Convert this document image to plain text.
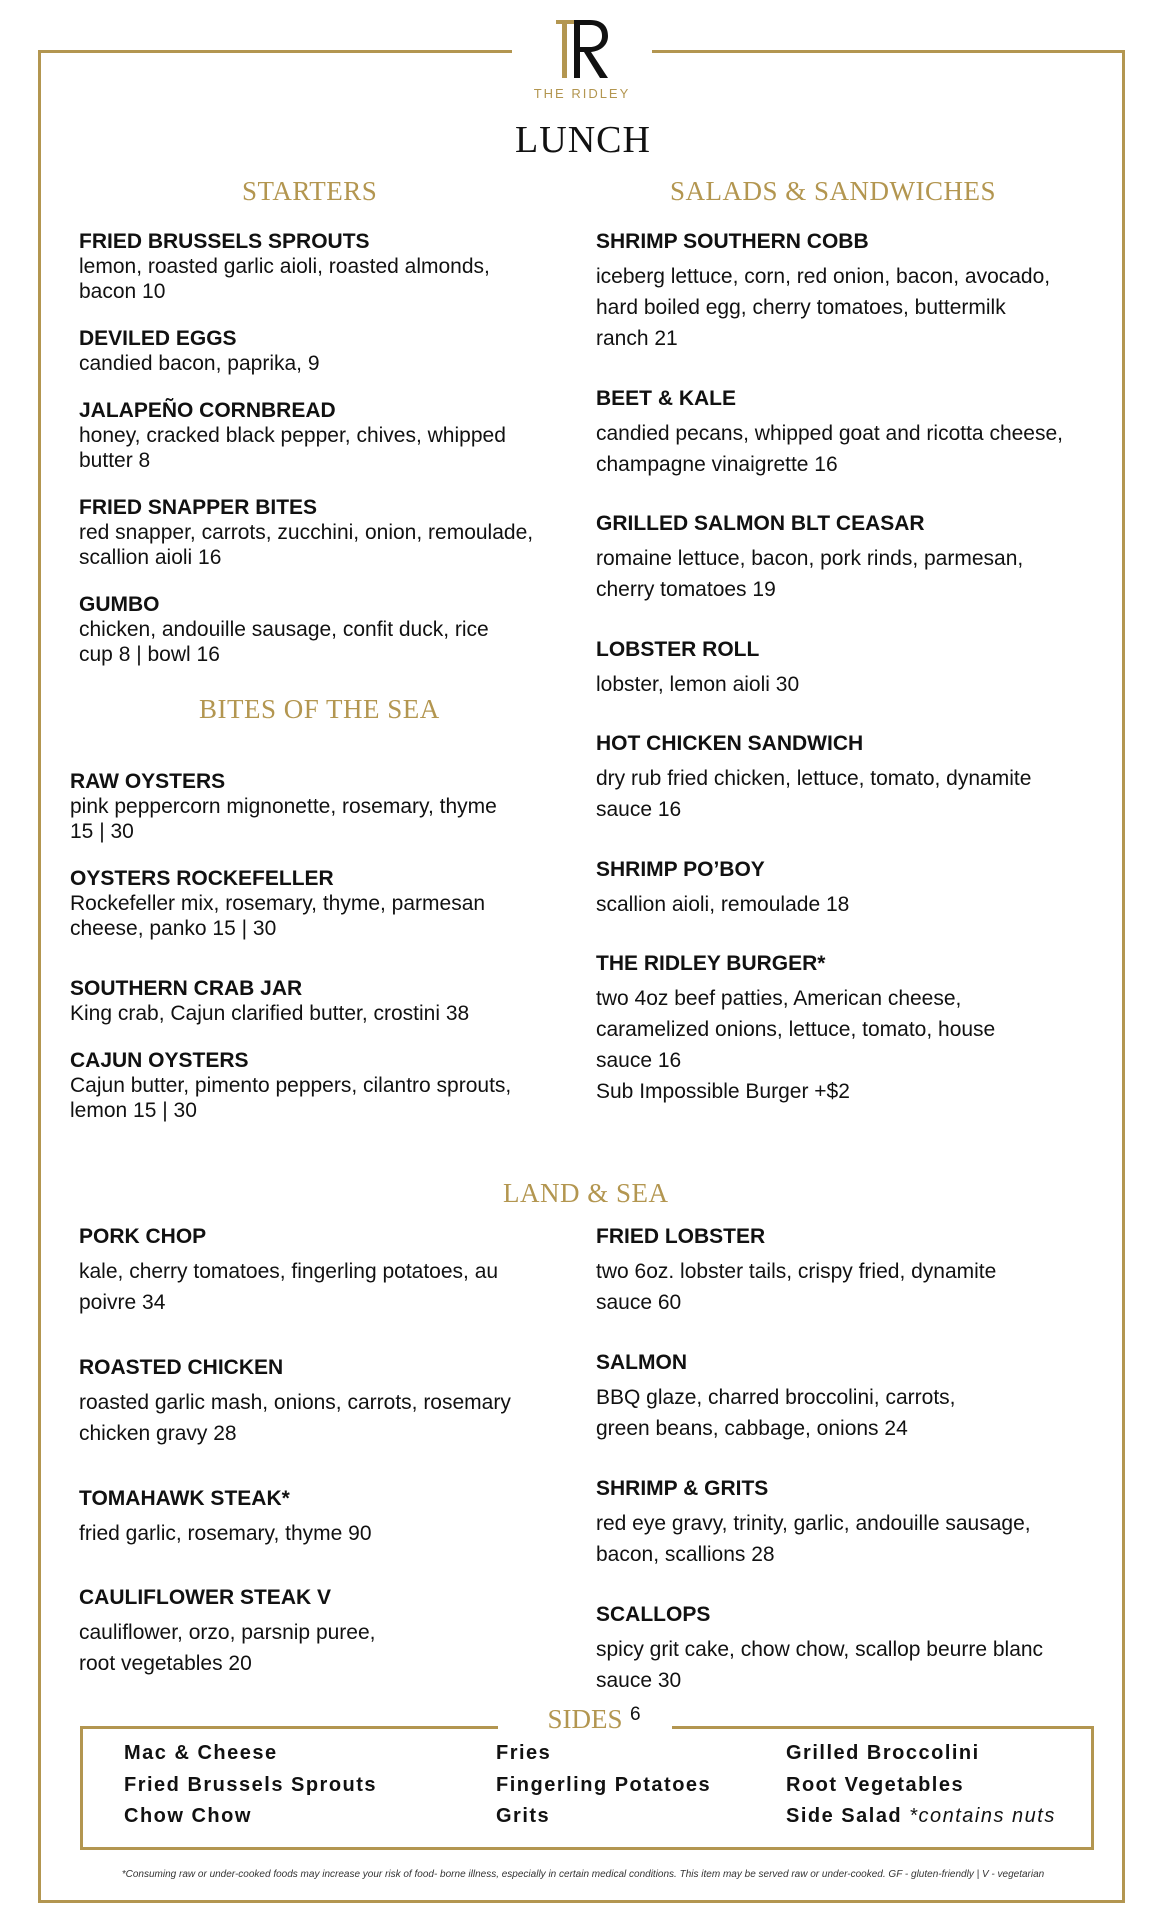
THE RIDLEY
LUNCH
STARTERS
FRIED BRUSSELS SPROUTS
lemon, roasted garlic aioli, roasted almonds,
bacon 10
DEVILED EGGS
candied bacon, paprika, 9
JALAPEÑO CORNBREAD
honey, cracked black pepper, chives, whipped
butter 8
FRIED SNAPPER BITES
red snapper, carrots, zucchini, onion, remoulade,
scallion aioli 16
GUMBO
chicken, andouille sausage, confit duck, rice
cup 8 | bowl 16
BITES OF THE SEA
RAW OYSTERS
pink peppercorn mignonette, rosemary, thyme
15 | 30
OYSTERS ROCKEFELLER
Rockefeller mix, rosemary, thyme, parmesan
cheese, panko 15 | 30
SOUTHERN CRAB JAR
King crab, Cajun clarified butter, crostini 38
CAJUN OYSTERS
Cajun butter, pimento peppers, cilantro sprouts,
lemon 15 | 30
SALADS & SANDWICHES
SHRIMP SOUTHERN COBB
iceberg lettuce, corn, red onion, bacon, avocado,
hard boiled egg, cherry tomatoes, buttermilk
ranch 21
BEET & KALE
candied pecans, whipped goat and ricotta cheese,
champagne vinaigrette 16
GRILLED SALMON BLT CEASAR
romaine lettuce, bacon, pork rinds, parmesan,
cherry tomatoes 19
LOBSTER ROLL
lobster, lemon aioli 30
HOT CHICKEN SANDWICH
dry rub fried chicken, lettuce, tomato, dynamite
sauce 16
SHRIMP PO’BOY
scallion aioli, remoulade 18
THE RIDLEY BURGER*
two 4oz beef patties, American cheese,
caramelized onions, lettuce, tomato, house
sauce 16
Sub Impossible Burger +$2
LAND & SEA
PORK CHOP
kale, cherry tomatoes, fingerling potatoes, au
poivre 34
ROASTED CHICKEN
roasted garlic mash, onions, carrots, rosemary
chicken gravy 28
TOMAHAWK STEAK*
fried garlic, rosemary, thyme 90
CAULIFLOWER STEAK V
cauliflower, orzo, parsnip puree,
root vegetables 20
FRIED LOBSTER
two 6oz. lobster tails, crispy fried, dynamite
sauce 60
SALMON
BBQ glaze, charred broccolini, carrots,
green beans, cabbage, onions 24
SHRIMP & GRITS
red eye gravy, trinity, garlic, andouille sausage,
bacon, scallions 28
SCALLOPS
spicy grit cake, chow chow, scallop beurre blanc
sauce 30
SIDES 6
Mac & Cheese
Fried Brussels Sprouts
Chow Chow
Fries
Fingerling Potatoes
Grits
Grilled Broccolini
Root Vegetables
Side Salad *contains nuts
*Consuming raw or under-cooked foods may increase your risk of food- borne illness, especially in certain medical conditions. This item may be served raw or under-cooked. GF - gluten-friendly | V - vegetarian
